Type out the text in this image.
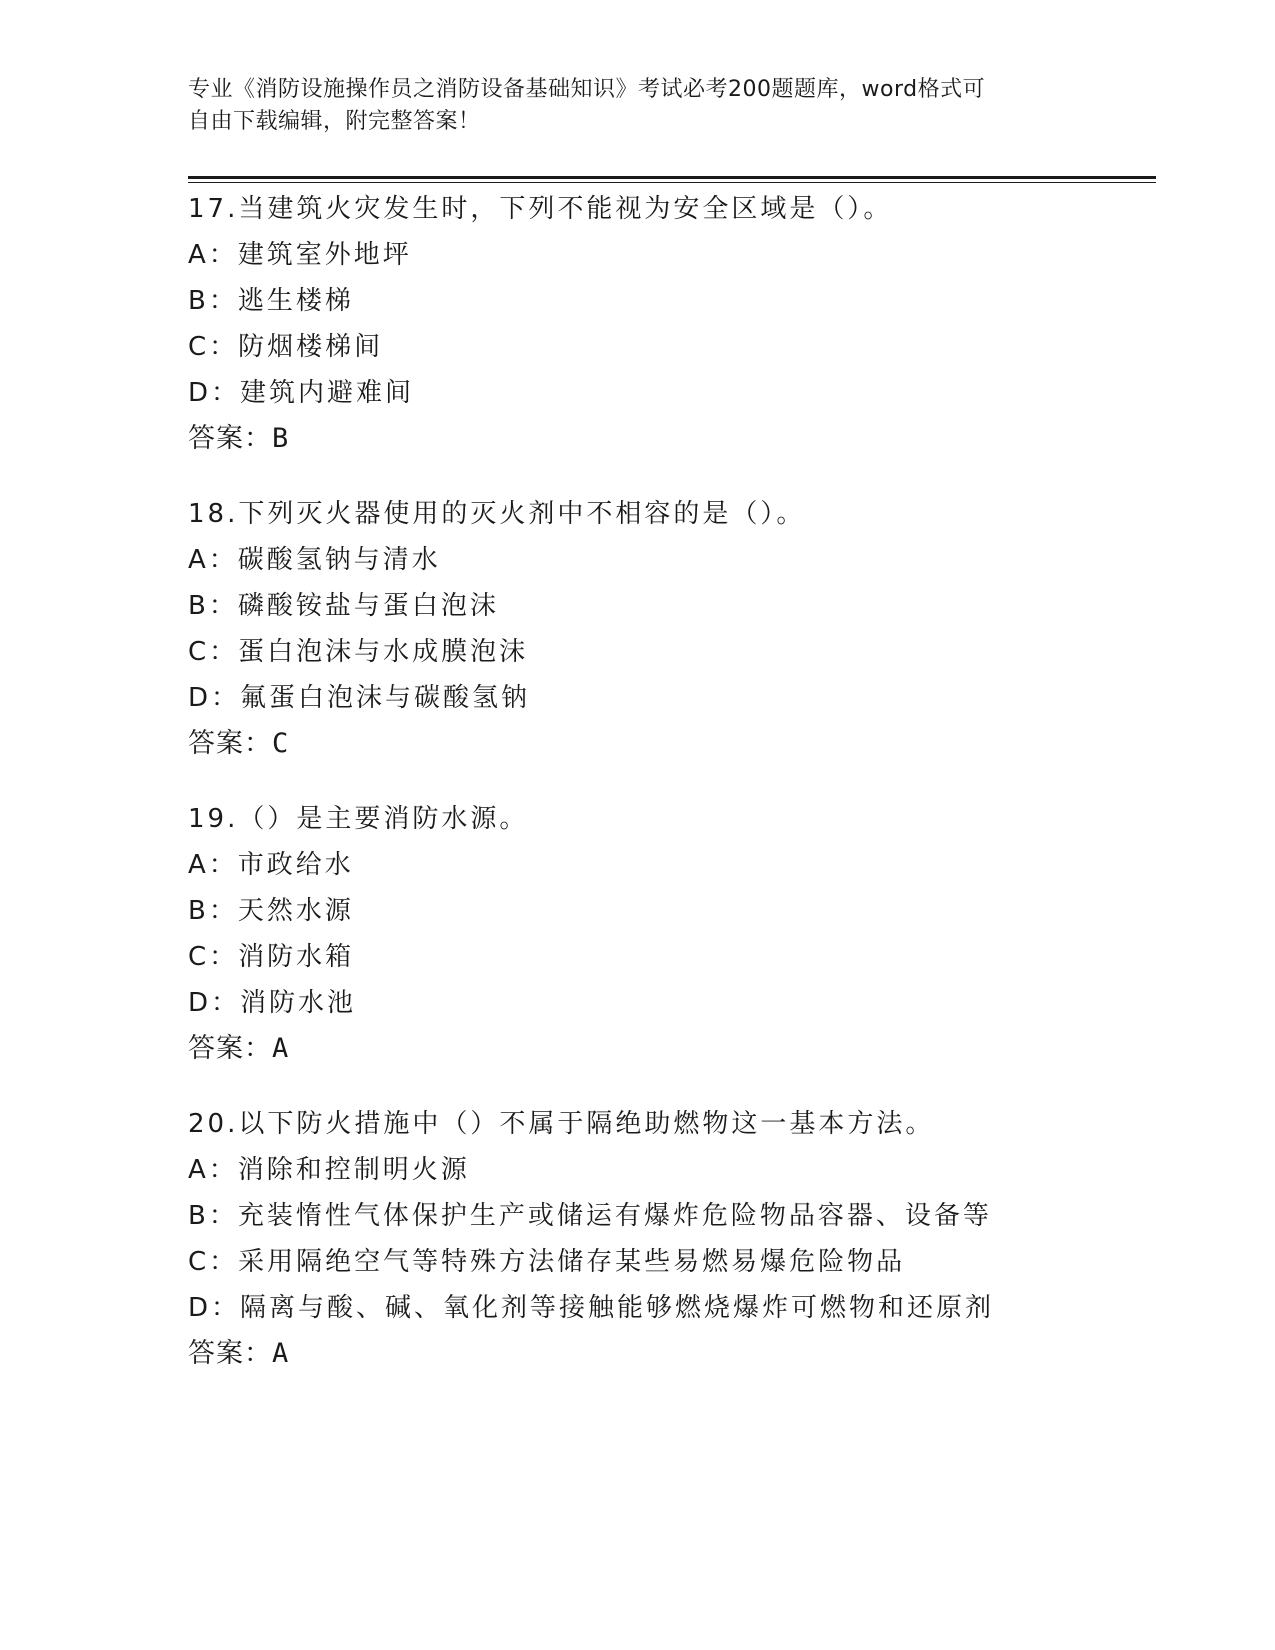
专业《消防设施操作员之消防设备基础知识》考试必考200题题库，word格式可
自由下载编辑，附完整答案！
17.当建筑火灾发生时，下列不能视为安全区域是（）。
A：建筑室外地坪
B：逃生楼梯
C：防烟楼梯间
D：建筑内避难间
答案：B
18.下列灭火器使用的灭火剂中不相容的是（）。
A：碳酸氢钠与清水
B：磷酸铵盐与蛋白泡沫
C：蛋白泡沫与水成膜泡沫
D：氟蛋白泡沫与碳酸氢钠
答案：C
19.（）是主要消防水源。
A：市政给水
B：天然水源
C：消防水箱
D：消防水池
答案：A
20.以下防火措施中（）不属于隔绝助燃物这一基本方法。
A：消除和控制明火源
B：充装惰性气体保护生产或储运有爆炸危险物品容器、设备等
C：采用隔绝空气等特殊方法储存某些易燃易爆危险物品
D：隔离与酸、碱、氧化剂等接触能够燃烧爆炸可燃物和还原剂
答案：A
